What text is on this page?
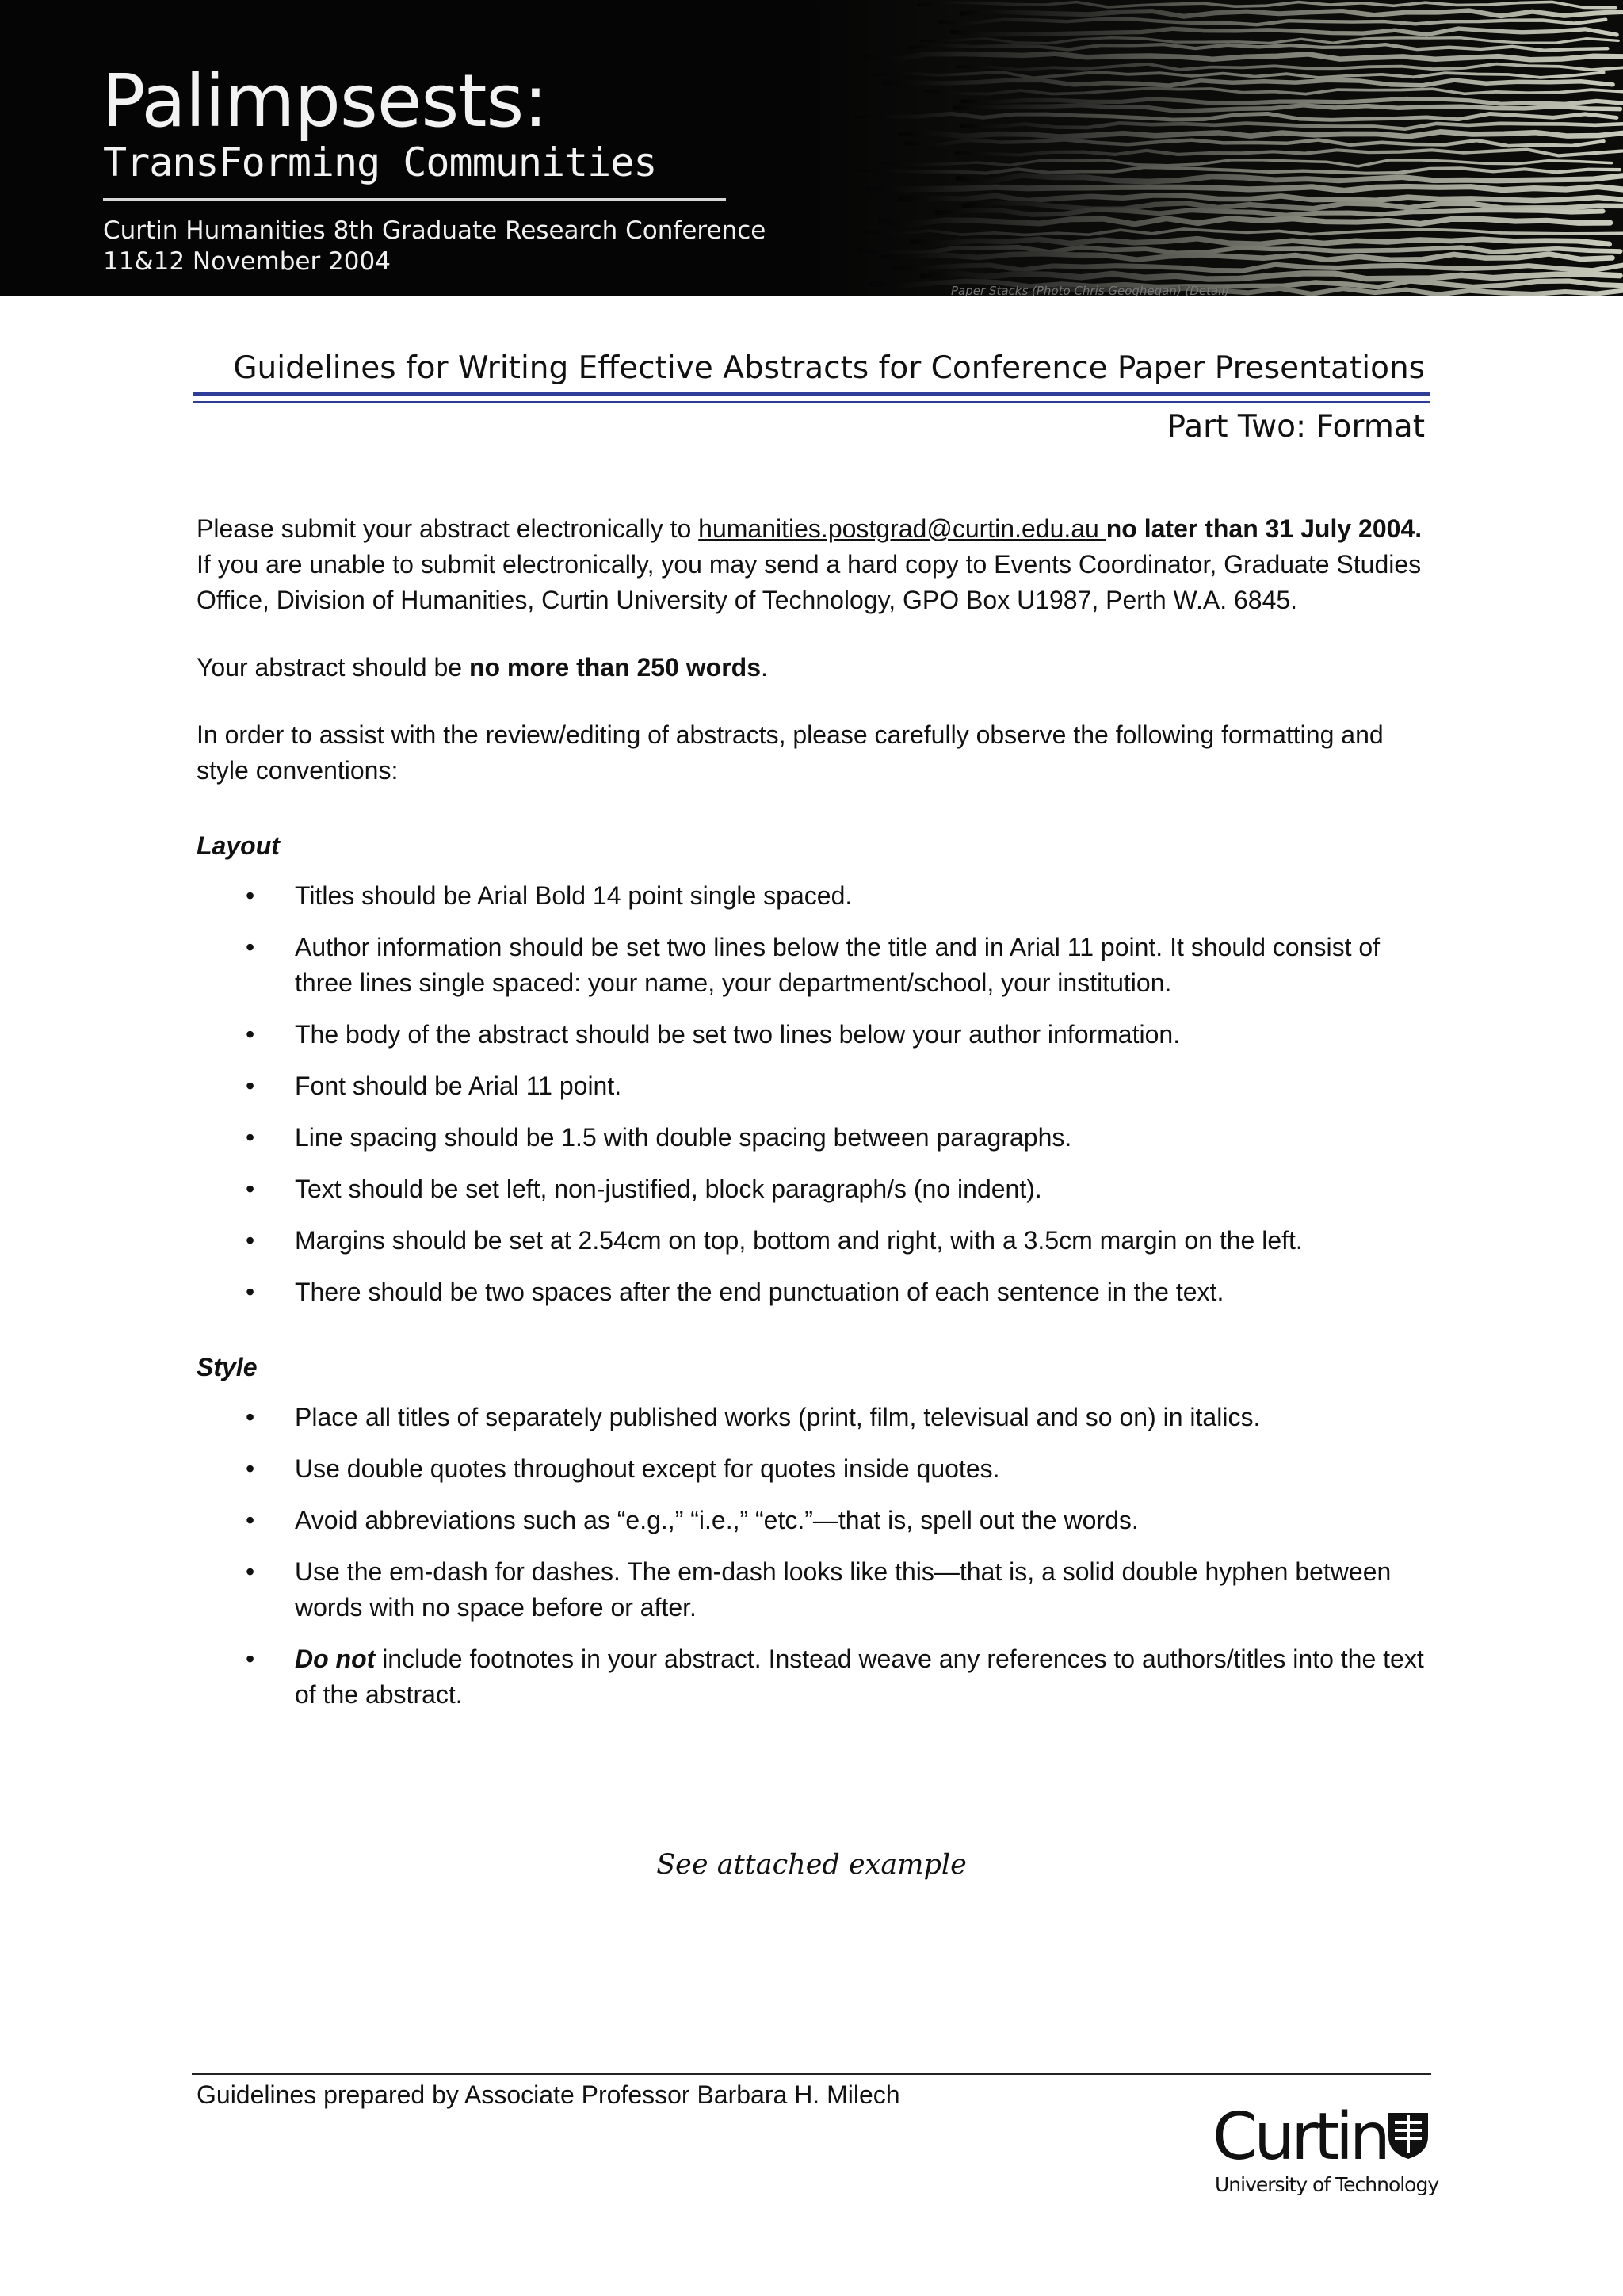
Palimpsests:
TransForming Communities
Curtin Humanities 8th Graduate Research Conference
11&12 November 2004
Paper Stacks (Photo Chris Geoghegan) (Detail)
Guidelines for Writing Effective Abstracts for Conference Paper Presentations
Part Two: Format

Please submit your abstract electronically to humanities.postgrad@curtin.edu.au no later than 31 July 2004. If you are unable to submit electronically, you may send a hard copy to Events Coordinator, Graduate Studies Office, Division of Humanities, Curtin University of Technology, GPO Box U1987, Perth W.A. 6845.

Your abstract should be no more than 250 words.

In order to assist with the review/editing of abstracts, please carefully observe the following formatting and style conventions:

Layout
• Titles should be Arial Bold 14 point single spaced.
• Author information should be set two lines below the title and in Arial 11 point. It should consist of three lines single spaced: your name, your department/school, your institution.
• The body of the abstract should be set two lines below your author information.
• Font should be Arial 11 point.
• Line spacing should be 1.5 with double spacing between paragraphs.
• Text should be set left, non-justified, block paragraph/s (no indent).
• Margins should be set at 2.54cm on top, bottom and right, with a 3.5cm margin on the left.
• There should be two spaces after the end punctuation of each sentence in the text.
Style
• Place all titles of separately published works (print, film, televisual and so on) in italics.
• Use double quotes throughout except for quotes inside quotes.
• Avoid abbreviations such as “e.g.,” “i.e.,” “etc.”—that is, spell out the words.
• Use the em-dash for dashes. The em-dash looks like this—that is, a solid double hyphen between words with no space before or after.
• Do not include footnotes in your abstract. Instead weave any references to authors/titles into the text of the abstract.
See attached example
Guidelines prepared by Associate Professor Barbara H. Milech
Curtin
University of Technology
